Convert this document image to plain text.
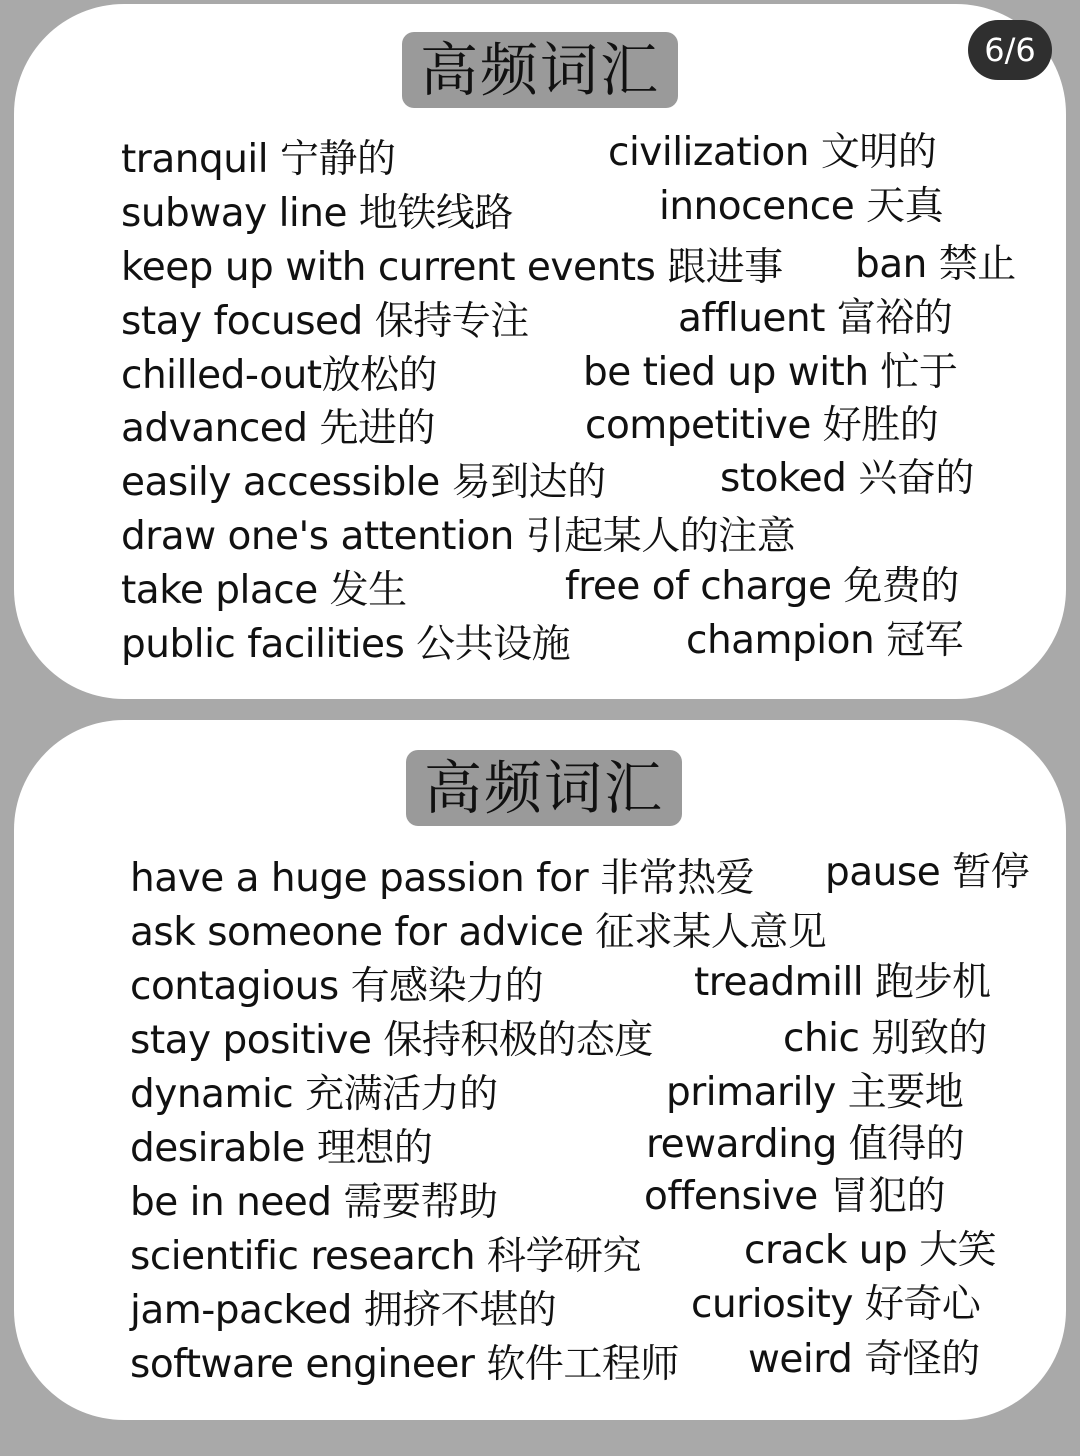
高频词汇
tranquil 宁静的
subway line 地铁线路
keep up with current events 跟进事
stay focused 保持专注
chilled-out放松的
advanced 先进的
easily accessible 易到达的
draw one's attention 引起某人的注意
take place 发生
public facilities 公共设施
civilization 文明的
innocence 天真
ban 禁止
affluent 富裕的
be tied up with 忙于
competitive 好胜的
stoked 兴奋的
free of charge 免费的
champion 冠军
高频词汇
have a huge passion for 非常热爱
ask someone for advice 征求某人意见
contagious 有感染力的
stay positive 保持积极的态度
dynamic 充满活力的
desirable 理想的
be in need 需要帮助
scientific research 科学研究
jam-packed 拥挤不堪的
software engineer 软件工程师
pause 暂停
treadmill 跑步机
chic 别致的
primarily 主要地
rewarding 值得的
offensive 冒犯的
crack up 大笑
curiosity 好奇心
weird 奇怪的
6/6
